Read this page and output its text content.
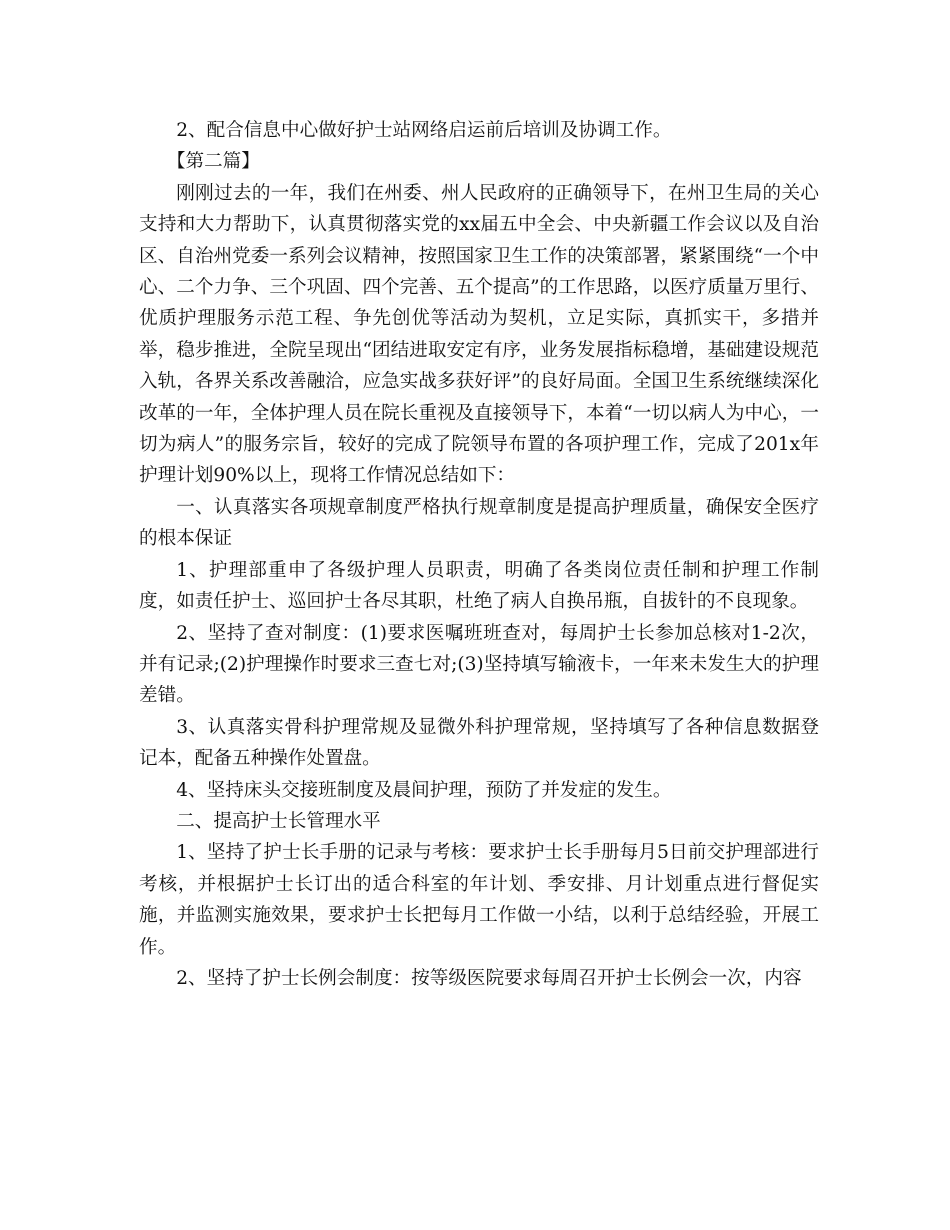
2、配合信息中心做好护士站网络启运前后培训及协调工作。

【第二篇】

刚刚过去的一年，我们在州委、州人民政府的正确领导下，在州卫生局的关心支持和大力帮助下，认真贯彻落实党的xx届五中全会、中央新疆工作会议以及自治区、自治州党委一系列会议精神，按照国家卫生工作的决策部署，紧紧围绕“一个中心、二个力争、三个巩固、四个完善、五个提高”的工作思路，以医疗质量万里行、优质护理服务示范工程、争先创优等活动为契机，立足实际，真抓实干，多措并举，稳步推进，全院呈现出“团结进取安定有序，业务发展指标稳增，基础建设规范入轨，各界关系改善融洽，应急实战多获好评”的良好局面。全国卫生系统继续深化改革的一年，全体护理人员在院长重视及直接领导下，本着“一切以病人为中心，一切为病人”的服务宗旨，较好的完成了院领导布置的各项护理工作，完成了201x年护理计划90%以上，现将工作情况总结如下：

一、认真落实各项规章制度严格执行规章制度是提高护理质量，确保安全医疗的根本保证

1、护理部重申了各级护理人员职责，明确了各类岗位责任制和护理工作制度，如责任护士、巡回护士各尽其职，杜绝了病人自换吊瓶，自拔针的不良现象。

2、坚持了查对制度：(1)要求医嘱班班查对，每周护士长参加总核对1-2次，并有记录;(2)护理操作时要求三查七对;(3)坚持填写输液卡，一年来未发生大的护理差错。

3、认真落实骨科护理常规及显微外科护理常规，坚持填写了各种信息数据登记本，配备五种操作处置盘。

4、坚持床头交接班制度及晨间护理，预防了并发症的发生。

二、提高护士长管理水平

1、坚持了护士长手册的记录与考核：要求护士长手册每月5日前交护理部进行考核，并根据护士长订出的适合科室的年计划、季安排、月计划重点进行督促实施，并监测实施效果，要求护士长把每月工作做一小结，以利于总结经验，开展工作。

2、坚持了护士长例会制度：按等级医院要求每周召开护士长例会一次，内容
